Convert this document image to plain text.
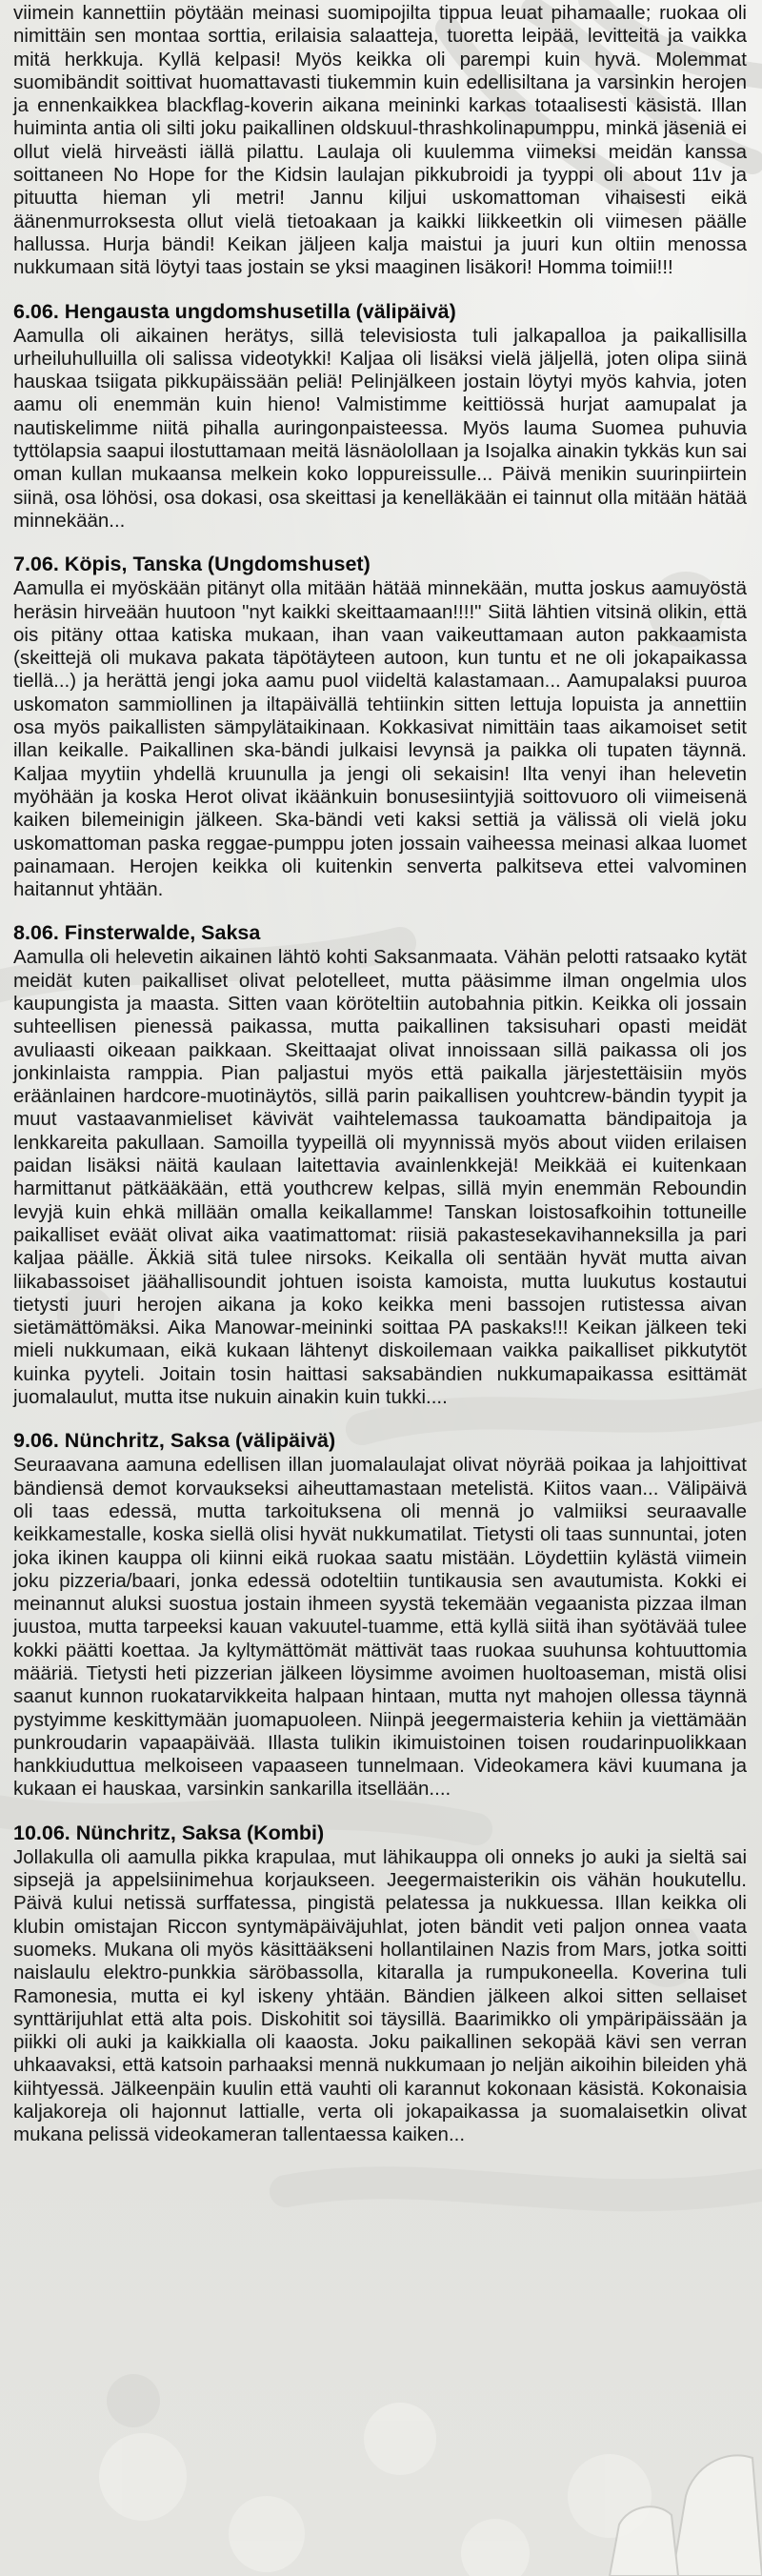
viimein kannettiin pöytään meinasi suomipojilta tippua leuat pihamaalle; ruokaa oli nimittäin sen montaa sorttia, erilaisia salaatteja, tuoretta leipää, levitteitä ja vaikka mitä herkkuja. Kyllä kelpasi! Myös keikka oli parempi kuin hyvä. Molemmat suomibändit soittivat huomattavasti tiukemmin kuin edellisiltana ja varsinkin herojen ja ennenkaikkea blackflag-koverin aikana meininki karkas totaalisesti käsistä. Illan huiminta antia oli silti joku paikallinen oldskuul-thrashkolinapumppu, minkä jäseniä ei ollut vielä hirveästi iällä pilattu. Laulaja oli kuulemma viimeksi meidän kanssa soittaneen No Hope for the Kidsin laulajan pikkubroidi ja tyyppi oli about 11v ja pituutta hieman yli metri! Jannu kiljui uskomattoman vihaisesti eikä äänenmurroksesta ollut vielä tietoakaan ja kaikki liikkeetkin oli viimesen päälle hallussa. Hurja bändi! Keikan jäljeen kalja maistui ja juuri kun oltiin menossa nukkumaan sitä löytyi taas jostain se yksi maaginen lisäkori! Homma toimii!!!

6.06. Hengausta ungdomshusetilla (välipäivä)

Aamulla oli aikainen herätys, sillä televisiosta tuli jalkapalloa ja paikallisilla urheiluhulluilla oli salissa videotykki! Kaljaa oli lisäksi vielä jäljellä, joten olipa siinä hauskaa tsiigata pikkupäissään peliä! Pelinjälkeen jostain löytyi myös kahvia, joten aamu oli enemmän kuin hieno! Valmistimme keittiössä hurjat aamupalat ja nautiskelimme niitä pihalla auringonpaisteessa. Myös lauma Suomea puhuvia tyttölapsia saapui ilostuttamaan meitä läsnäolollaan ja Isojalka ainakin tykkäs kun sai oman kullan mukaansa melkein koko loppureissulle... Päivä menikin suurinpiirtein siinä, osa löhösi, osa dokasi, osa skeittasi ja kenelläkään ei tainnut olla mitään hätää minnekään...

7.06. Köpis, Tanska (Ungdomshuset)

Aamulla ei myöskään pitänyt olla mitään hätää minnekään, mutta joskus aamuyöstä heräsin hirveään huutoon "nyt kaikki skeittaamaan!!!!" Siitä lähtien vitsinä olikin, että ois pitäny ottaa katiska mukaan, ihan vaan vaikeuttamaan auton pakkaamista (skeittejä oli mukava pakata täpötäyteen autoon, kun tuntu et ne oli jokapaikassa tiellä...) ja herättä jengi joka aamu puol viideltä kalastamaan... Aamupalaksi puuroa uskomaton sammiollinen ja iltapäivällä tehtiinkin sitten lettuja lopuista ja annettiin osa myös paikallisten sämpylätaikinaan. Kokkasivat nimittäin taas aikamoiset setit illan keikalle. Paikallinen ska-bändi julkaisi levynsä ja paikka oli tupaten täynnä. Kaljaa myytiin yhdellä kruunulla ja jengi oli sekaisin! Ilta venyi ihan helevetin myöhään ja koska Herot olivat ikäänkuin bonusesiintyjiä soittovuoro oli viimeisenä kaiken bilemeinigin jälkeen. Ska-bändi veti kaksi settiä ja välissä oli vielä joku uskomattoman paska reggae-pumppu joten jossain vaiheessa meinasi alkaa luomet painamaan. Herojen keikka oli kuitenkin senverta palkitseva ettei valvominen haitannut yhtään.

8.06. Finsterwalde, Saksa

Aamulla oli helevetin aikainen lähtö kohti Saksanmaata. Vähän pelotti ratsaako kytät meidät kuten paikalliset olivat pelotelleet, mutta pääsimme ilman ongelmia ulos kaupungista ja maasta. Sitten vaan köröteltiin autobahnia pitkin. Keikka oli jossain suhteellisen pienessä paikassa, mutta paikallinen taksisuhari opasti meidät avuliaasti oikeaan paikkaan. Skeittaajat olivat innoissaan sillä paikassa oli jos jonkinlaista ramppia. Pian paljastui myös että paikalla järjestettäisiin myös eräänlainen hardcore-muotinäytös, sillä parin paikallisen youhtcrew-bändin tyypit ja muut vastaavanmieliset kävivät vaihtelemassa taukoamatta bändipaitoja ja lenkkareita pakullaan. Samoilla tyypeillä oli myynnissä myös about viiden erilaisen paidan lisäksi näitä kaulaan laitettavia avainlenkkejä! Meikkää ei kuitenkaan harmittanut pätkääkään, että youthcrew kelpas, sillä myin enemmän Reboundin levyjä kuin ehkä millään omalla keikallamme! Tanskan loistosafkoihin tottuneille paikalliset eväät olivat aika vaatimattomat: riisiä pakastesekavihanneksilla ja pari kaljaa päälle. Äkkiä sitä tulee nirsoks. Keikalla oli sentään hyvät mutta aivan liikabassoiset jäähallisoundit johtuen isoista kamoista, mutta luukutus kostautui tietysti juuri herojen aikana ja koko keikka meni bassojen rutistessa aivan sietämättömäksi. Aika Manowar-meininki soittaa PA paskaks!!! Keikan jälkeen teki mieli nukkumaan, eikä kukaan lähtenyt diskoilemaan vaikka paikalliset pikkutytöt kuinka pyyteli. Joitain tosin haittasi saksabändien nukkumapaikassa esittämät juomalaulut, mutta itse nukuin ainakin kuin tukki....

9.06. Nünchritz, Saksa (välipäivä)

Seuraavana aamuna edellisen illan juomalaulajat olivat nöyrää poikaa ja lahjoittivat bändiensä demot korvaukseksi aiheuttamastaan metelistä. Kiitos vaan... Välipäivä oli taas edessä, mutta tarkoituksena oli mennä jo valmiiksi seuraavalle keikkamestalle, koska siellä olisi hyvät nukkumatilat. Tietysti oli taas sunnuntai, joten joka ikinen kauppa oli kiinni eikä ruokaa saatu mistään. Löydettiin kylästä viimein joku pizzeria/baari, jonka edessä odoteltiin tuntikausia sen avautumista. Kokki ei meinannut aluksi suostua jostain ihmeen syystä tekemään vegaanista pizzaa ilman juustoa, mutta tarpeeksi kauan vakuutel-tuamme, että kyllä siitä ihan syötävää tulee kokki päätti koettaa. Ja kyltymättömät mättivät taas ruokaa suuhunsa kohtuuttomia määriä. Tietysti heti pizzerian jälkeen löysimme avoimen huoltoaseman, mistä olisi saanut kunnon ruokatarvikkeita halpaan hintaan, mutta nyt mahojen ollessa täynnä pystyimme keskittymään juomapuoleen. Niinpä jeegermaisteria kehiin ja viettämään punkroudarin vapaapäivää. Illasta tulikin ikimuistoinen toisen roudarinpuolikkaan hankkiuduttua melkoiseen vapaaseen tunnelmaan. Videokamera kävi kuumana ja kukaan ei hauskaa, varsinkin sankarilla itsellään....

10.06. Nünchritz, Saksa (Kombi)

Jollakulla oli aamulla pikka krapulaa, mut lähikauppa oli onneks jo auki ja sieltä sai sipsejä ja appelsiinimehua korjaukseen. Jeegermaisterikin ois vähän houkutellu. Päivä kului netissä surffatessa, pingistä pelatessa ja nukkuessa. Illan keikka oli klubin omistajan Riccon syntymäpäiväjuhlat, joten bändit veti paljon onnea vaata suomeks. Mukana oli myös käsittääkseni hollantilainen Nazis from Mars, jotka soitti naislaulu elektro-punkkia säröbassolla, kitaralla ja rumpukoneella. Koverina tuli Ramonesia, mutta ei kyl iskeny yhtään. Bändien jälkeen alkoi sitten sellaiset synttärijuhlat että alta pois. Diskohitit soi täysillä. Baarimikko oli ympäripäissään ja piikki oli auki ja kaikkialla oli kaaosta. Joku paikallinen sekopää kävi sen verran uhkaavaksi, että katsoin parhaaksi mennä nukkumaan jo neljän aikoihin bileiden yhä kiihtyessä. Jälkeenpäin kuulin että vauhti oli karannut kokonaan käsistä. Kokonaisia kaljakoreja oli hajonnut lattialle, verta oli jokapaikassa ja suomalaisetkin olivat mukana pelissä videokameran tallentaessa kaiken...
